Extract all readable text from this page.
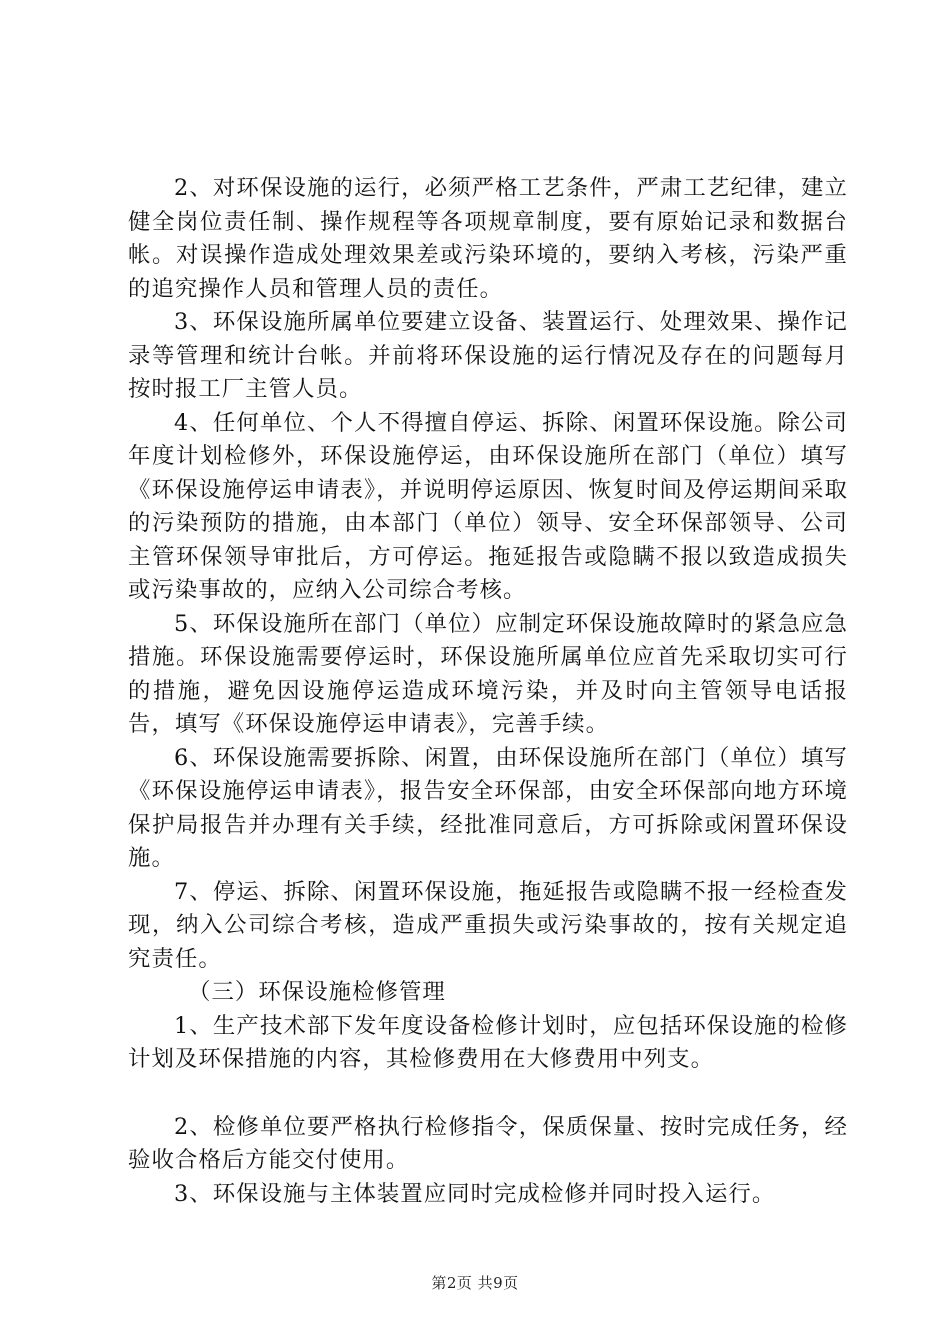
2、对环保设施的运行，必须严格工艺条件，严肃工艺纪律，建立健全岗位责任制、操作规程等各项规章制度，要有原始记录和数据台帐。对误操作造成处理效果差或污染环境的，要纳入考核，污染严重的追究操作人员和管理人员的责任。

3、环保设施所属单位要建立设备、装置运行、处理效果、操作记录等管理和统计台帐。并前将环保设施的运行情况及存在的问题每月按时报工厂主管人员。

4、任何单位、个人不得擅自停运、拆除、闲置环保设施。除公司年度计划检修外，环保设施停运，由环保设施所在部门（单位）填写《环保设施停运申请表》，并说明停运原因、恢复时间及停运期间采取的污染预防的措施，由本部门（单位）领导、安全环保部领导、公司主管环保领导审批后，方可停运。拖延报告或隐瞒不报以致造成损失或污染事故的，应纳入公司综合考核。

5、环保设施所在部门（单位）应制定环保设施故障时的紧急应急措施。环保设施需要停运时，环保设施所属单位应首先采取切实可行的措施，避免因设施停运造成环境污染，并及时向主管领导电话报告，填写《环保设施停运申请表》，完善手续。

6、环保设施需要拆除、闲置，由环保设施所在部门（单位）填写《环保设施停运申请表》，报告安全环保部，由安全环保部向地方环境保护局报告并办理有关手续，经批准同意后，方可拆除或闲置环保设施。

7、停运、拆除、闲置环保设施，拖延报告或隐瞒不报一经检查发现，纳入公司综合考核，造成严重损失或污染事故的，按有关规定追究责任。

（三）环保设施检修管理

1、生产技术部下发年度设备检修计划时，应包括环保设施的检修计划及环保措施的内容，其检修费用在大修费用中列支。

2、检修单位要严格执行检修指令，保质保量、按时完成任务，经验收合格后方能交付使用。

3、环保设施与主体装置应同时完成检修并同时投入运行。

第2页 共9页
